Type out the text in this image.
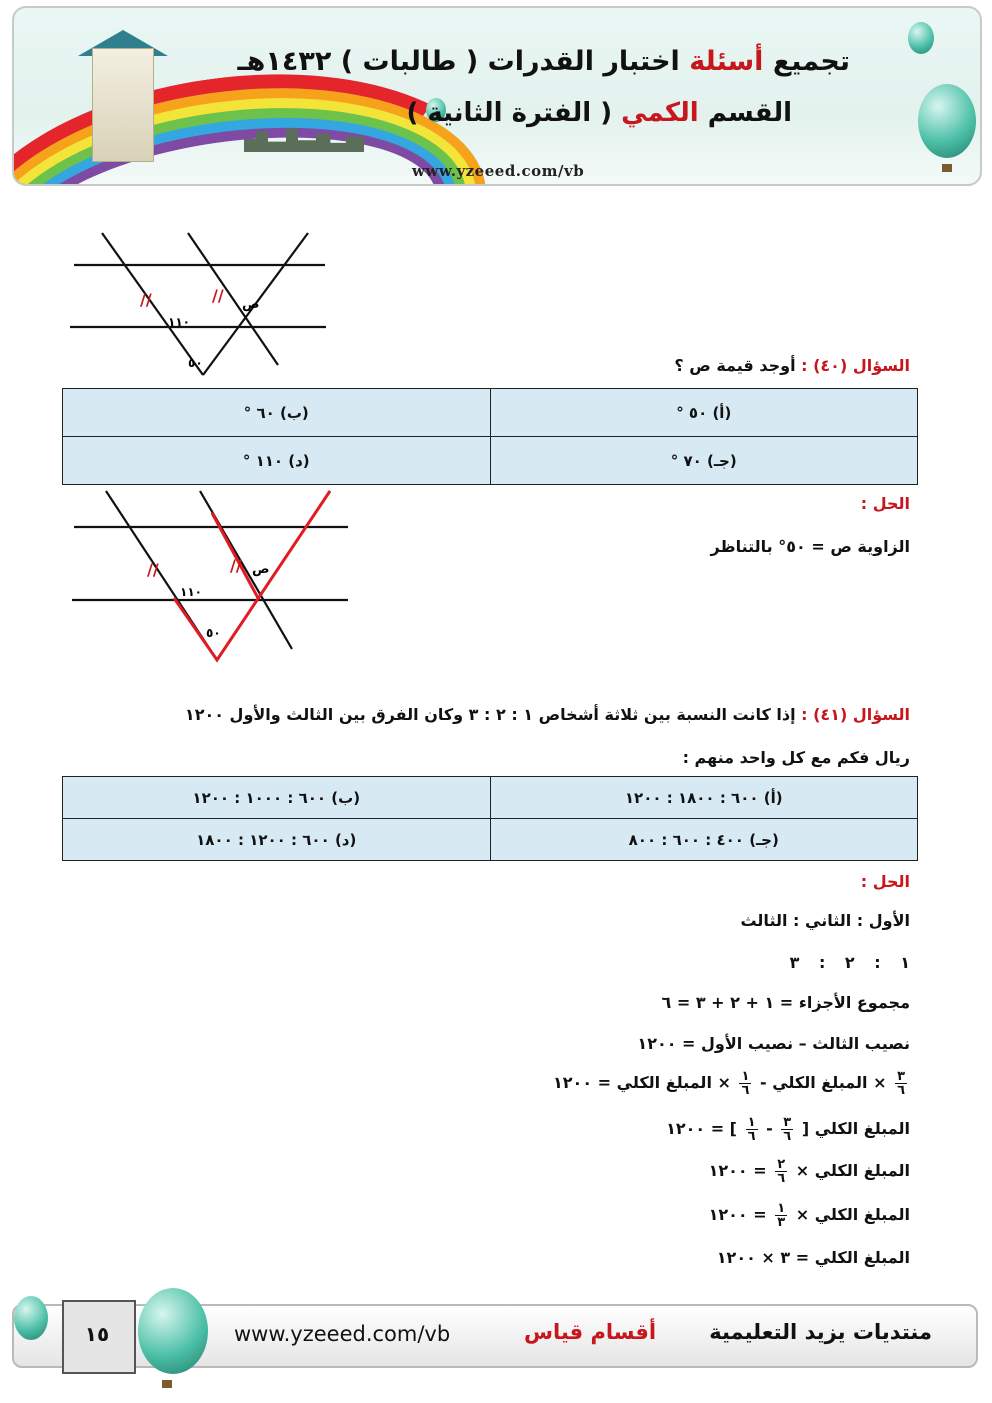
تجميع أسئلة اختبار القدرات ( طالبات ) ١٤٣٢هـ
القسم الكمي ( الفترة الثانية )
www.yzeeed.com/vb
//	//
١١٠
٥٠
ص
السؤال (٤٠) : أوجد قيمة ص ؟
(أ) ٥٠ °	(ب) ٦٠ °
(جـ) ٧٠ °	(د) ١١٠ °
الحل :
الزاوية ص = ٥٠° بالتناظر
//	//
١١٠
٥٠
ص
السؤال (٤١) : إذا كانت النسبة بين ثلاثة أشخاص ١ : ٢ : ٣ وكان الفرق بين الثالث والأول ١٢٠٠
ريال فكم مع كل واحد منهم :
(أ) ٦٠٠ : ١٨٠٠ : ١٢٠٠	(ب) ٦٠٠ : ١٠٠٠ : ١٢٠٠
(جـ) ٤٠٠ : ٦٠٠ : ٨٠٠	(د) ٦٠٠ : ١٢٠٠ : ١٨٠٠
الحل :
الأول : الثاني : الثالث
١ : ٢ : ٣
مجموع الأجزاء = ١ + ٢ + ٣ = ٦
نصيب الثالث – نصيب الأول = ١٢٠٠
$\frac{٣}{٦}$
× المبلغ الكلي -
$\frac{١}{٦}$
× المبلغ الكلي = ١٢٠٠
المبلغ الكلي [
$\frac{٣}{٦}$
-
$\frac{١}{٦}$
] = ١٢٠٠
المبلغ الكلي ×
$\frac{٢}{٦}$
= ١٢٠٠
المبلغ الكلي ×
$\frac{١}{٣}$
= ١٢٠٠
المبلغ الكلي = ٣ × ١٢٠٠
١٥	www.yzeeed.com/vb	أقسام قياس	منتديات يزيد التعليمية
